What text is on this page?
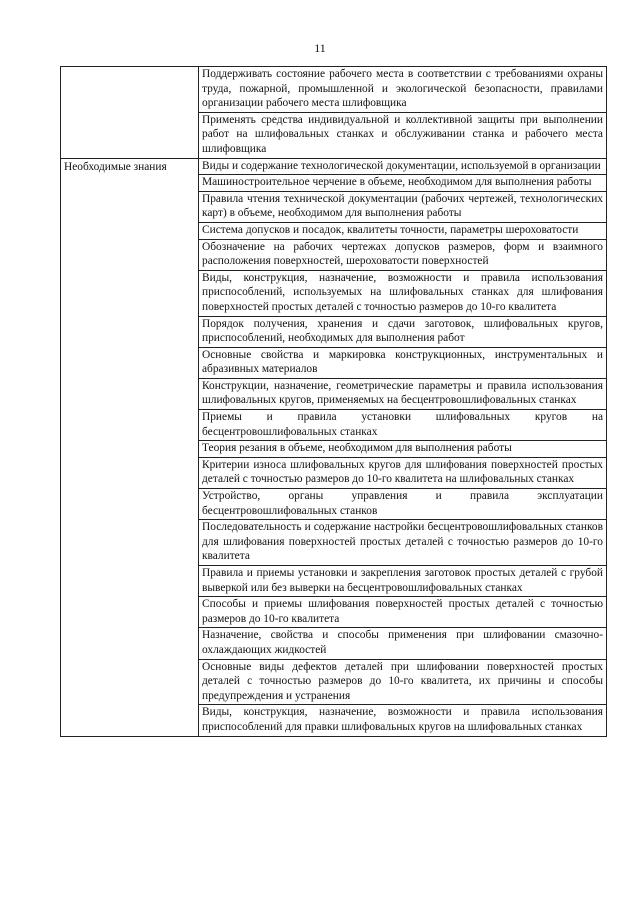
11
	Поддерживать состояние рабочего места в соответствии с требованиями охраны труда, пожарной, промышленной и экологической безопасности, правилами организации рабочего места шлифовщика
	Применять средства индивидуальной и коллективной защиты при выполнении работ на шлифовальных станках и обслуживании станка и рабочего места шлифовщика
Необходимые знания	Виды и содержание технологической документации, используемой в организации
	Машиностроительное черчение в объеме, необходимом для выполнения работы
	Правила чтения технической документации (рабочих чертежей, технологических карт) в объеме, необходимом для выполнения работы
	Система допусков и посадок, квалитеты точности, параметры шероховатости
	Обозначение на рабочих чертежах допусков размеров, форм и взаимного расположения поверхностей, шероховатости поверхностей
	Виды, конструкция, назначение, возможности и правила использования приспособлений, используемых на шлифовальных станках для шлифования поверхностей простых деталей с точностью размеров до 10-го квалитета
	Порядок получения, хранения и сдачи заготовок, шлифовальных кругов, приспособлений, необходимых для выполнения работ
	Основные свойства и маркировка конструкционных, инструментальных и абразивных материалов
	Конструкции, назначение, геометрические параметры и правила использования шлифовальных кругов, применяемых на бесцентровошлифовальных станках
	Приемы и правила установки шлифовальных кругов на бесцентровошлифовальных станках
	Теория резания в объеме, необходимом для выполнения работы
	Критерии износа шлифовальных кругов для шлифования поверхностей простых деталей с точностью размеров до 10-го квалитета на шлифовальных станках
	Устройство, органы управления и правила эксплуатации бесцентровошлифовальных станков
	Последовательность и содержание настройки бесцентровошлифовальных станков для шлифования поверхностей простых деталей с точностью размеров до 10-го квалитета
	Правила и приемы установки и закрепления заготовок простых деталей с грубой выверкой или без выверки на бесцентровошлифовальных станках
	Способы и приемы шлифования поверхностей простых деталей с точностью размеров до 10-го квалитета
	Назначение, свойства и способы применения при шлифовании смазочно-охлаждающих жидкостей
	Основные виды дефектов деталей при шлифовании поверхностей простых деталей с точностью размеров до 10-го квалитета, их причины и способы предупреждения и устранения
	Виды, конструкция, назначение, возможности и правила использования приспособлений для правки шлифовальных кругов на шлифовальных станках
